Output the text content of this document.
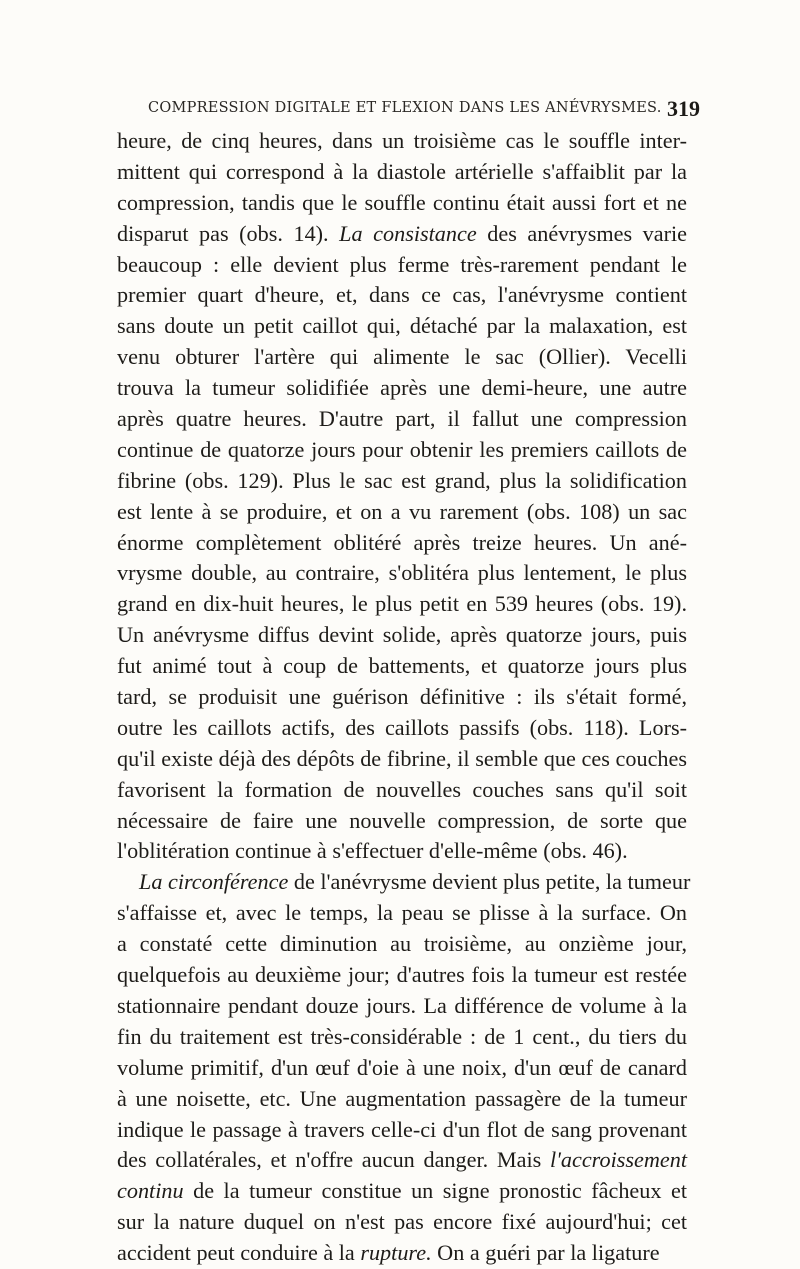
COMPRESSION DIGITALE ET FLEXION DANS LES ANÉVRYSMES. 319
heure, de cinq heures, dans un troisième cas le souffle inter-
mittent qui correspond à la diastole artérielle s'affaiblit par la
compression, tandis que le souffle continu était aussi fort et ne
disparut pas (obs. 14). La consistance des anévrysmes varie
beaucoup : elle devient plus ferme très-rarement pendant le
premier quart d'heure, et, dans ce cas, l'anévrysme contient
sans doute un petit caillot qui, détaché par la malaxation, est
venu obturer l'artère qui alimente le sac (Ollier). Vecelli
trouva la tumeur solidifiée après une demi-heure, une autre
après quatre heures. D'autre part, il fallut une compression
continue de quatorze jours pour obtenir les premiers caillots de
fibrine (obs. 129). Plus le sac est grand, plus la solidification
est lente à se produire, et on a vu rarement (obs. 108) un sac
énorme complètement oblitéré après treize heures. Un ané-
vrysme double, au contraire, s'oblitéra plus lentement, le plus
grand en dix-huit heures, le plus petit en 539 heures (obs. 19).
Un anévrysme diffus devint solide, après quatorze jours, puis
fut animé tout à coup de battements, et quatorze jours plus
tard, se produisit une guérison définitive : ils s'était formé,
outre les caillots actifs, des caillots passifs (obs. 118). Lors-
qu'il existe déjà des dépôts de fibrine, il semble que ces couches
favorisent la formation de nouvelles couches sans qu'il soit
nécessaire de faire une nouvelle compression, de sorte que
l'oblitération continue à s'effectuer d'elle-même (obs. 46).
La circonférence de l'anévrysme devient plus petite, la tumeur
s'affaisse et, avec le temps, la peau se plisse à la surface. On
a constaté cette diminution au troisième, au onzième jour,
quelquefois au deuxième jour; d'autres fois la tumeur est restée
stationnaire pendant douze jours. La différence de volume à la
fin du traitement est très-considérable : de 1 cent., du tiers du
volume primitif, d'un œuf d'oie à une noix, d'un œuf de canard
à une noisette, etc. Une augmentation passagère de la tumeur
indique le passage à travers celle-ci d'un flot de sang provenant
des collatérales, et n'offre aucun danger. Mais l'accroissement
continu de la tumeur constitue un signe pronostic fâcheux et
sur la nature duquel on n'est pas encore fixé aujourd'hui; cet
accident peut conduire à la rupture. On a guéri par la ligature
